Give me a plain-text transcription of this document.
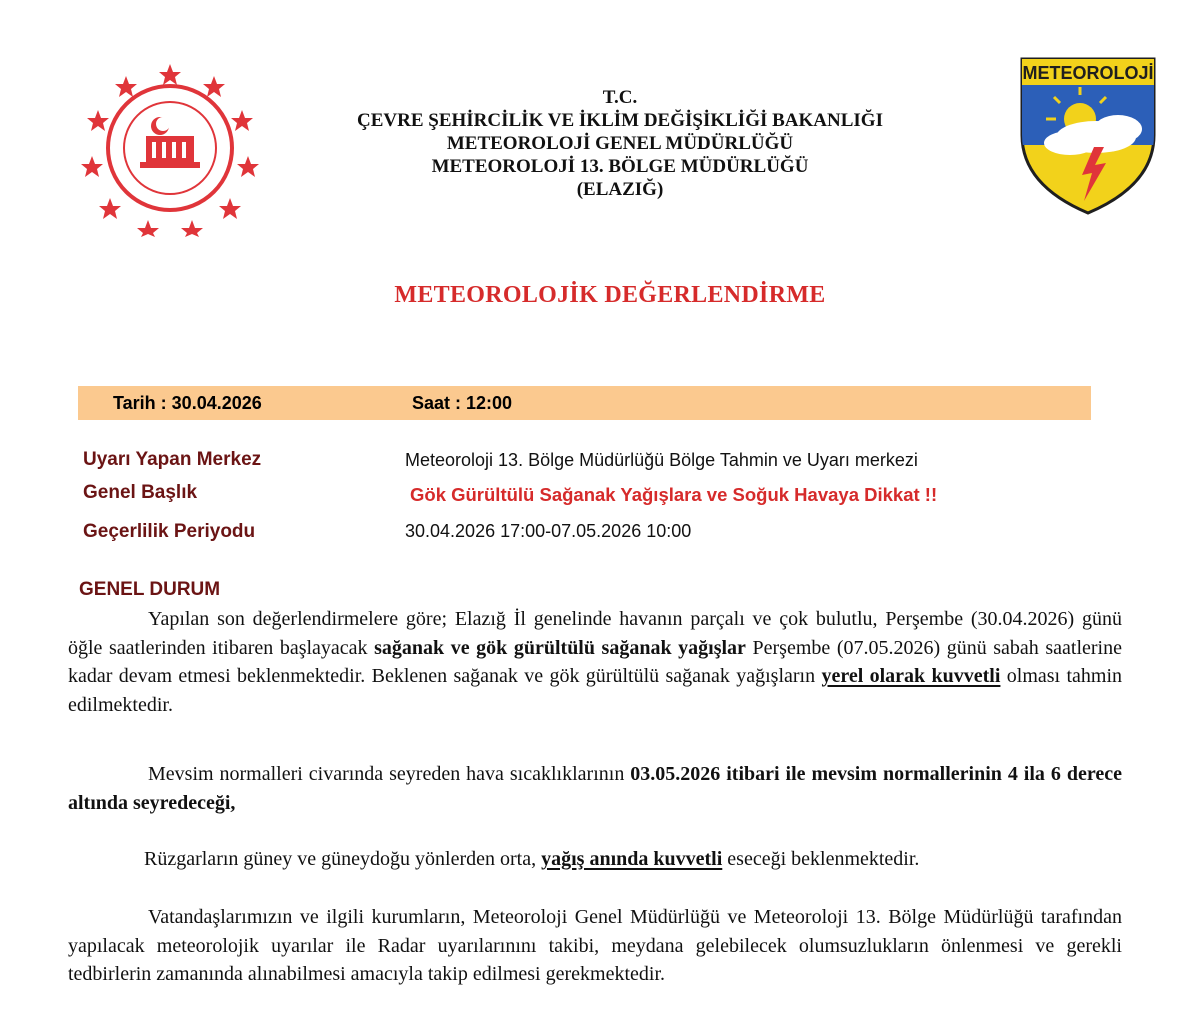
METEOROLOJİ
T.C.
ÇEVRE ŞEHİRCİLİK VE İKLİM DEĞİŞİKLİĞİ BAKANLIĞI
METEOROLOJİ GENEL MÜDÜRLÜĞÜ
METEOROLOJİ 13. BÖLGE MÜDÜRLÜĞÜ
(ELAZIĞ)
METEOROLOJİK DEĞERLENDİRME
Tarih : 30.04.2026	Saat : 12:00
Uyarı Yapan Merkez	Meteoroloji 13. Bölge Müdürlüğü Bölge Tahmin ve Uyarı merkezi
Genel Başlık	Gök Gürültülü Sağanak Yağışlara ve Soğuk Havaya Dikkat !!
Geçerlilik Periyodu	30.04.2026 17:00-07.05.2026 10:00
GENEL DURUM
Yapılan son değerlendirmelere göre; Elazığ İl genelinde havanın parçalı ve çok bulutlu, Perşembe (30.04.2026) günü öğle saatlerinden itibaren başlayacak sağanak ve gök gürültülü sağanak yağışlar Perşembe (07.05.2026) günü sabah saatlerine kadar devam etmesi beklenmektedir. Beklenen sağanak ve gök gürültülü sağanak yağışların yerel olarak kuvvetli olması tahmin edilmektedir.
Mevsim normalleri civarında seyreden hava sıcaklıklarının 03.05.2026 itibari ile mevsim normallerinin 4 ila 6 derece altında seyredeceği,
Rüzgarların güney ve güneydoğu yönlerden orta, yağış anında kuvvetli eseceği beklenmektedir.
Vatandaşlarımızın ve ilgili kurumların, Meteoroloji Genel Müdürlüğü ve Meteoroloji 13. Bölge Müdürlüğü tarafından yapılacak meteorolojik uyarılar ile Radar uyarılarınını takibi, meydana gelebilecek olumsuzlukların önlenmesi ve gerekli tedbirlerin zamanında alınabilmesi amacıyla takip edilmesi gerekmektedir.
